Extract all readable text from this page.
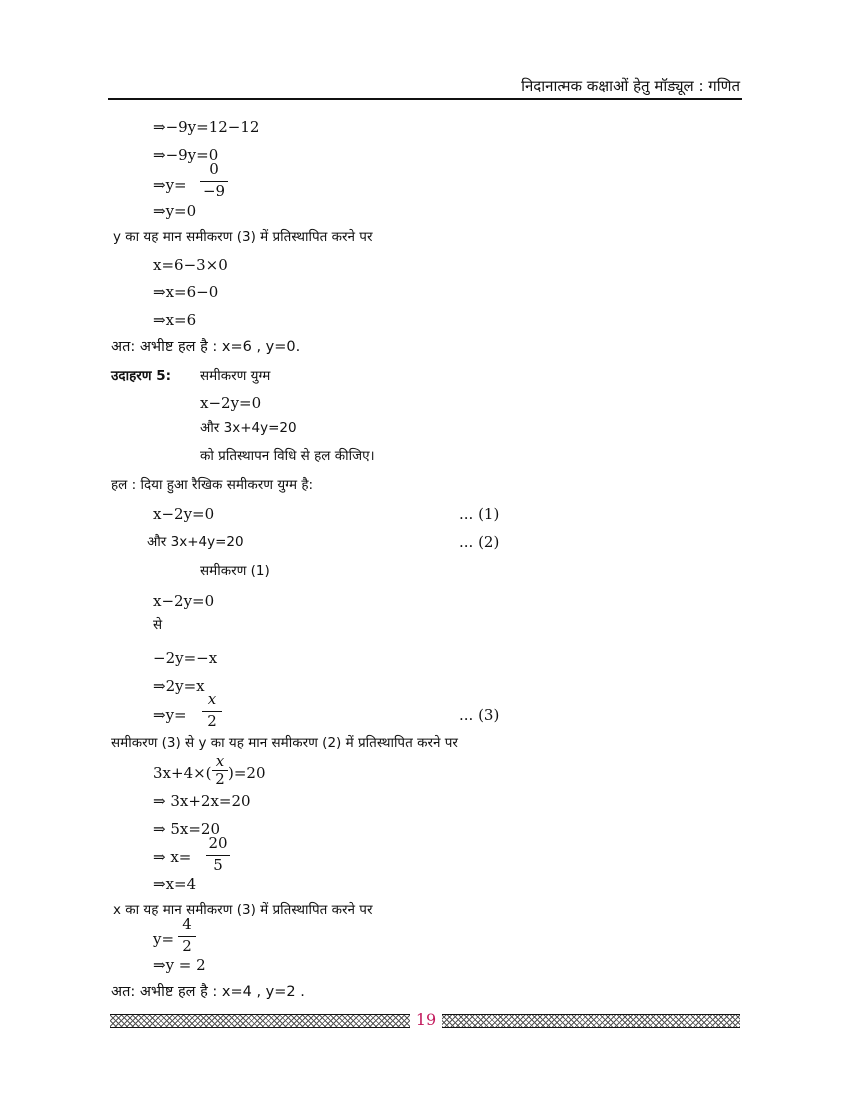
निदानात्मक कक्षाओं हेतु मॉड्यूल : गणित
⇒−9y=12−12
⇒−9y=0
⇒y=
0
−9
⇒y=0
y का यह मान समीकरण (3) में प्रतिस्थापित करने पर
x=6−3×0
⇒x=6−0
⇒x=6
अत: अभीष्ट हल है : x=6 , y=0.
उदाहरण 5: समीकरण युग्म
x−2y=0
और 3x+4y=20
को प्रतिस्थापन विधि से हल कीजिए।
हल : दिया हुआ रैखिक समीकरण युग्म है:
x−2y=0	... (1)
और 3x+4y=20	... (2)
समीकरण (1)
x−2y=0
से
−2y=−x
⇒2y=x
⇒y=
x
2	... (3)
समीकरण (3) से y का यह मान समीकरण (2) में प्रतिस्थापित करने पर
3x+4×(
x
2 )=20
⇒ 3x+2x=20
⇒ 5x=20
⇒ x=
20
5
⇒x=4
x का यह मान समीकरण (3) में प्रतिस्थापित करने पर
y=
4
2
⇒y = 2
अत: अभीष्ट हल है : x=4 , y=2 .
19
